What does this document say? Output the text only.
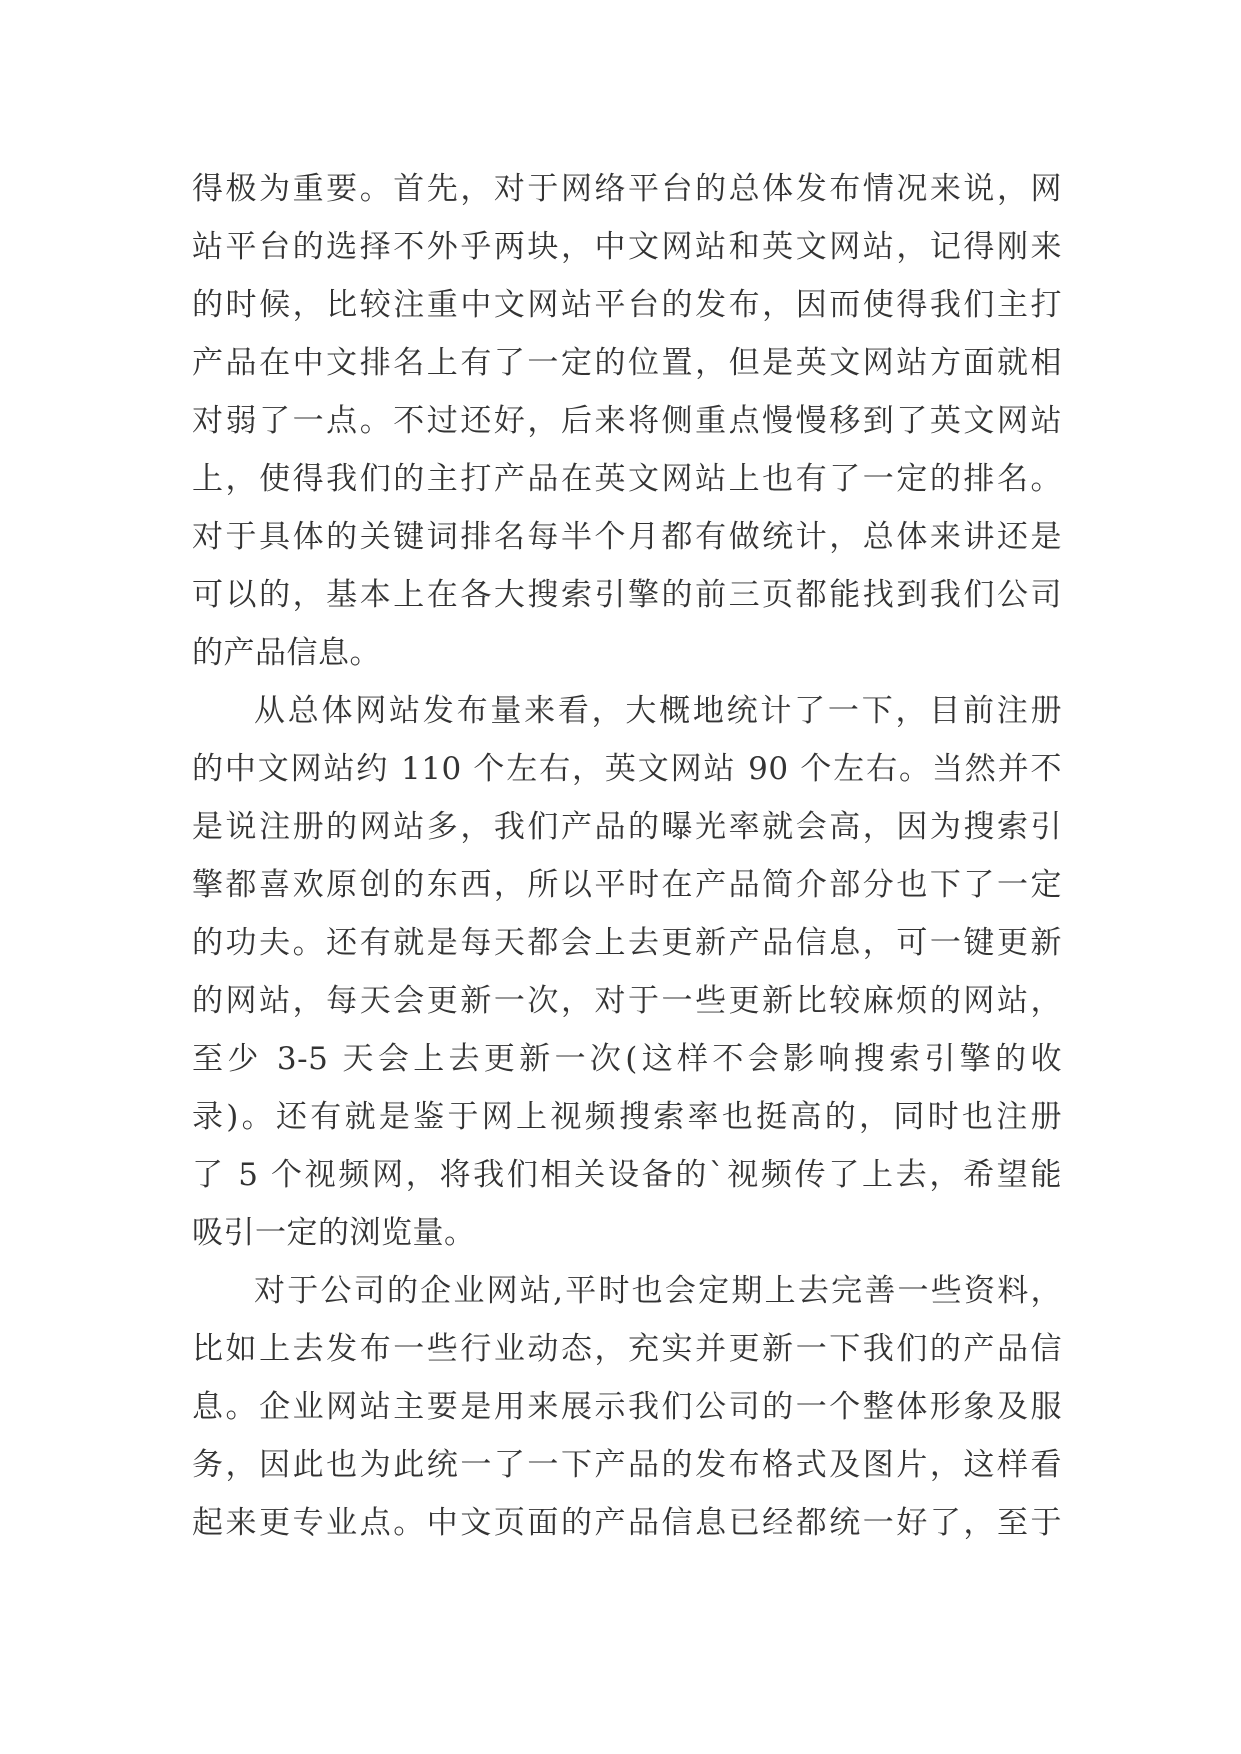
得极为重要。首先，对于网络平台的总体发布情况来说，网
站平台的选择不外乎两块，中文网站和英文网站，记得刚来
的时候，比较注重中文网站平台的发布，因而使得我们主打
产品在中文排名上有了一定的位置，但是英文网站方面就相
对弱了一点。不过还好，后来将侧重点慢慢移到了英文网站
上，使得我们的主打产品在英文网站上也有了一定的排名。
对于具体的关键词排名每半个月都有做统计，总体来讲还是
可以的，基本上在各大搜索引擎的前三页都能找到我们公司
的产品信息。
从总体网站发布量来看，大概地统计了一下，目前注册
的中文网站约 110 个左右，英文网站 90 个左右。当然并不
是说注册的网站多，我们产品的曝光率就会高，因为搜索引
擎都喜欢原创的东西，所以平时在产品简介部分也下了一定
的功夫。还有就是每天都会上去更新产品信息，可一键更新
的网站，每天会更新一次，对于一些更新比较麻烦的网站，
至少 3-5 天会上去更新一次(这样不会影响搜索引擎的收
录)。还有就是鉴于网上视频搜索率也挺高的，同时也注册
了 5 个视频网，将我们相关设备的`视频传了上去，希望能
吸引一定的浏览量。
对于公司的企业网站,平时也会定期上去完善一些资料，
比如上去发布一些行业动态，充实并更新一下我们的产品信
息。企业网站主要是用来展示我们公司的一个整体形象及服
务，因此也为此统一了一下产品的发布格式及图片，这样看
起来更专业点。中文页面的产品信息已经都统一好了，至于
